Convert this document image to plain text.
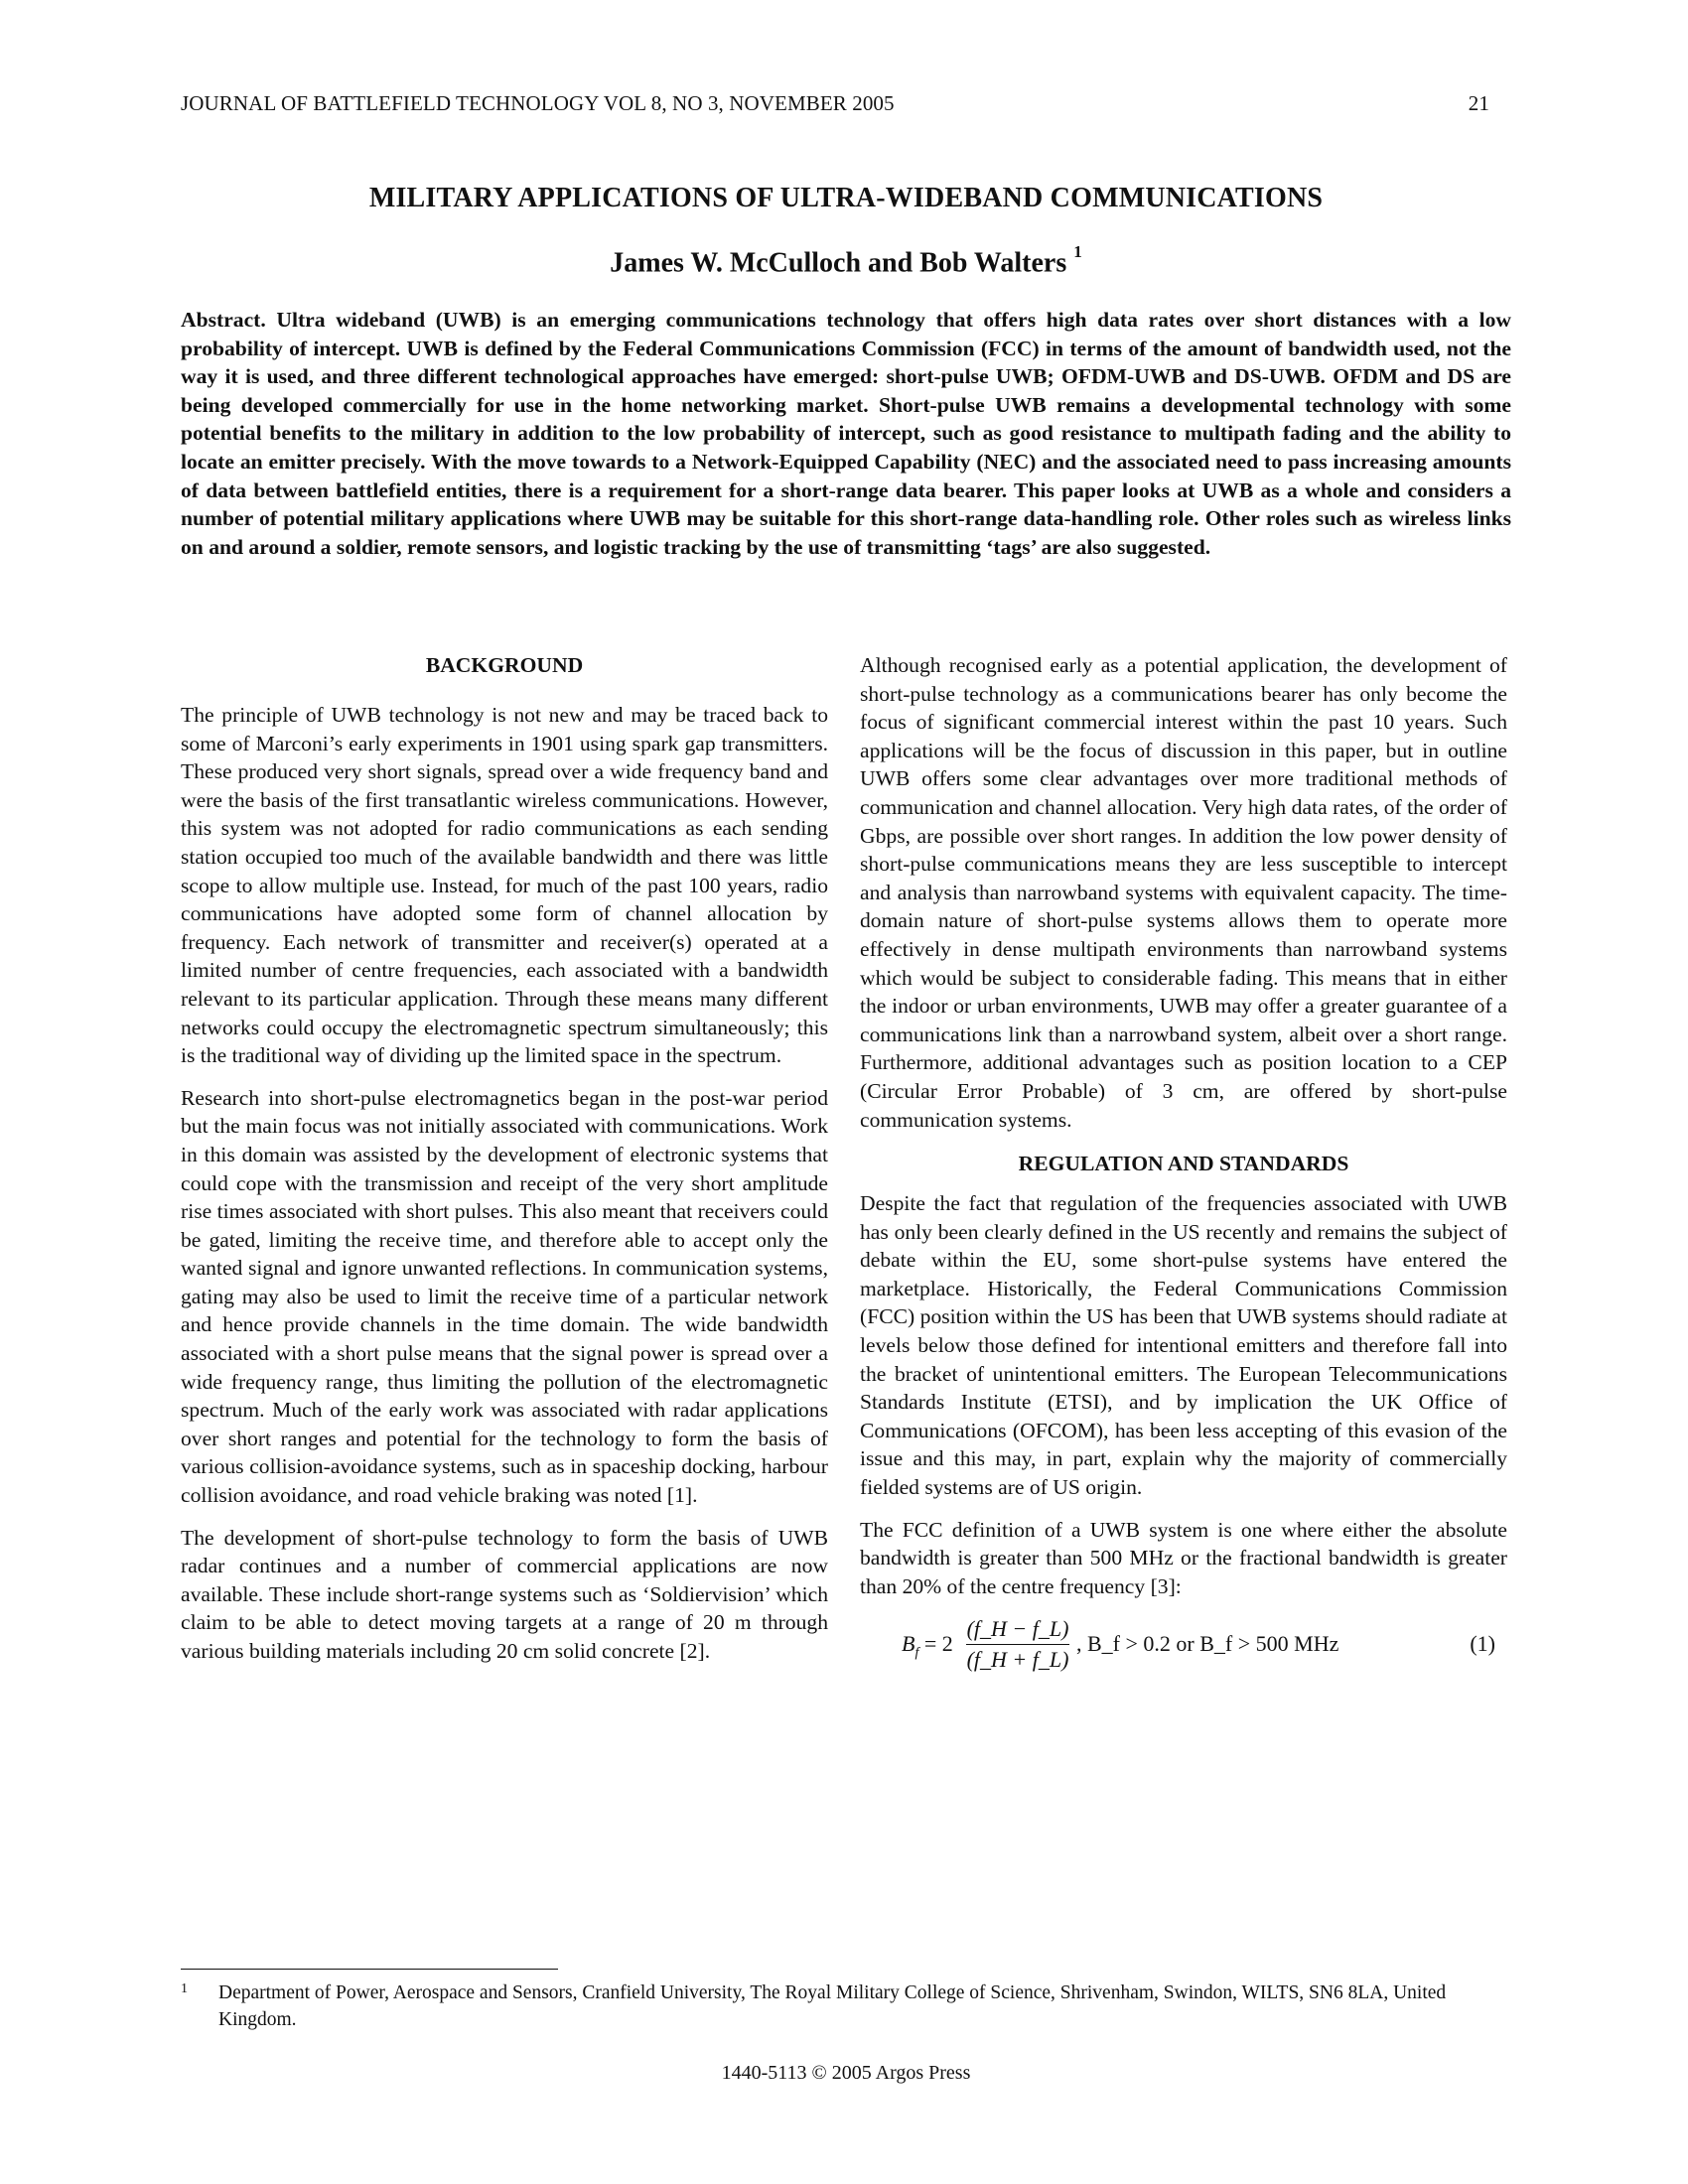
JOURNAL OF BATTLEFIELD TECHNOLOGY VOL 8, NO 3, NOVEMBER 2005	21
MILITARY APPLICATIONS OF ULTRA-WIDEBAND COMMUNICATIONS
James W. McCulloch and Bob Walters $^1$
Abstract. Ultra wideband (UWB) is an emerging communications technology that offers high data rates over short distances with a low probability of intercept. UWB is defined by the Federal Communications Commission (FCC) in terms of the amount of bandwidth used, not the way it is used, and three different technological approaches have emerged: short-pulse UWB; OFDM-UWB and DS-UWB. OFDM and DS are being developed commercially for use in the home networking market. Short-pulse UWB remains a developmental technology with some potential benefits to the military in addition to the low probability of intercept, such as good resistance to multipath fading and the ability to locate an emitter precisely. With the move towards to a Network-Equipped Capability (NEC) and the associated need to pass increasing amounts of data between battlefield entities, there is a requirement for a short-range data bearer. This paper looks at UWB as a whole and considers a number of potential military applications where UWB may be suitable for this short-range data-handling role. Other roles such as wireless links on and around a soldier, remote sensors, and logistic tracking by the use of transmitting ‘tags’ are also suggested.
BACKGROUND

The principle of UWB technology is not new and may be traced back to some of Marconi’s early experiments in 1901 using spark gap transmitters. These produced very short signals, spread over a wide frequency band and were the basis of the first transatlantic wireless communications. However, this system was not adopted for radio communications as each sending station occupied too much of the available bandwidth and there was little scope to allow multiple use. Instead, for much of the past 100 years, radio communications have adopted some form of channel allocation by frequency. Each network of transmitter and receiver(s) operated at a limited number of centre frequencies, each associated with a bandwidth relevant to its particular application. Through these means many different networks could occupy the electromagnetic spectrum simultaneously; this is the traditional way of dividing up the limited space in the spectrum.

Research into short-pulse electromagnetics began in the post-war period but the main focus was not initially associated with communications. Work in this domain was assisted by the development of electronic systems that could cope with the transmission and receipt of the very short amplitude rise times associated with short pulses. This also meant that receivers could be gated, limiting the receive time, and therefore able to accept only the wanted signal and ignore unwanted reflections. In communication systems, gating may also be used to limit the receive time of a particular network and hence provide channels in the time domain. The wide bandwidth associated with a short pulse means that the signal power is spread over a wide frequency range, thus limiting the pollution of the electromagnetic spectrum. Much of the early work was associated with radar applications over short ranges and potential for the technology to form the basis of various collision-avoidance systems, such as in spaceship docking, harbour collision avoidance, and road vehicle braking was noted [1].

The development of short-pulse technology to form the basis of UWB radar continues and a number of commercial applications are now available. These include short-range systems such as ‘Soldiervision’ which claim to be able to detect moving targets at a range of 20 m through various building materials including 20 cm solid concrete [2].

Although recognised early as a potential application, the development of short-pulse technology as a communications bearer has only become the focus of significant commercial interest within the past 10 years. Such applications will be the focus of discussion in this paper, but in outline UWB offers some clear advantages over more traditional methods of communication and channel allocation. Very high data rates, of the order of Gbps, are possible over short ranges. In addition the low power density of short-pulse communications means they are less susceptible to intercept and analysis than narrowband systems with equivalent capacity. The time-domain nature of short-pulse systems allows them to operate more effectively in dense multipath environments than narrowband systems which would be subject to considerable fading. This means that in either the indoor or urban environments, UWB may offer a greater guarantee of a communications link than a narrowband system, albeit over a short range. Furthermore, additional advantages such as position location to a CEP (Circular Error Probable) of 3 cm, are offered by short-pulse communication systems.

REGULATION AND STANDARDS

Despite the fact that regulation of the frequencies associated with UWB has only been clearly defined in the US recently and remains the subject of debate within the EU, some short-pulse systems have entered the marketplace. Historically, the Federal Communications Commission (FCC) position within the US has been that UWB systems should radiate at levels below those defined for intentional emitters and therefore fall into the bracket of unintentional emitters. The European Telecommunications Standards Institute (ETSI), and by implication the UK Office of Communications (OFCOM), has been less accepting of this evasion of the issue and this may, in part, explain why the majority of commercially fielded systems are of US origin.

The FCC definition of a UWB system is one where either the absolute bandwidth is greater than 500 MHz or the fractional bandwidth is greater than 20% of the centre frequency [3]:

$B_f = 2$
(f_H − f_L)
(f_H + f_L)
, B_f > 0.2 or B_f > 500 MHz	(1)
1 Department of Power, Aerospace and Sensors, Cranfield University, The Royal Military College of Science, Shrivenham, Swindon, WILTS, SN6 8LA, United Kingdom.
1440-5113 © 2005 Argos Press
